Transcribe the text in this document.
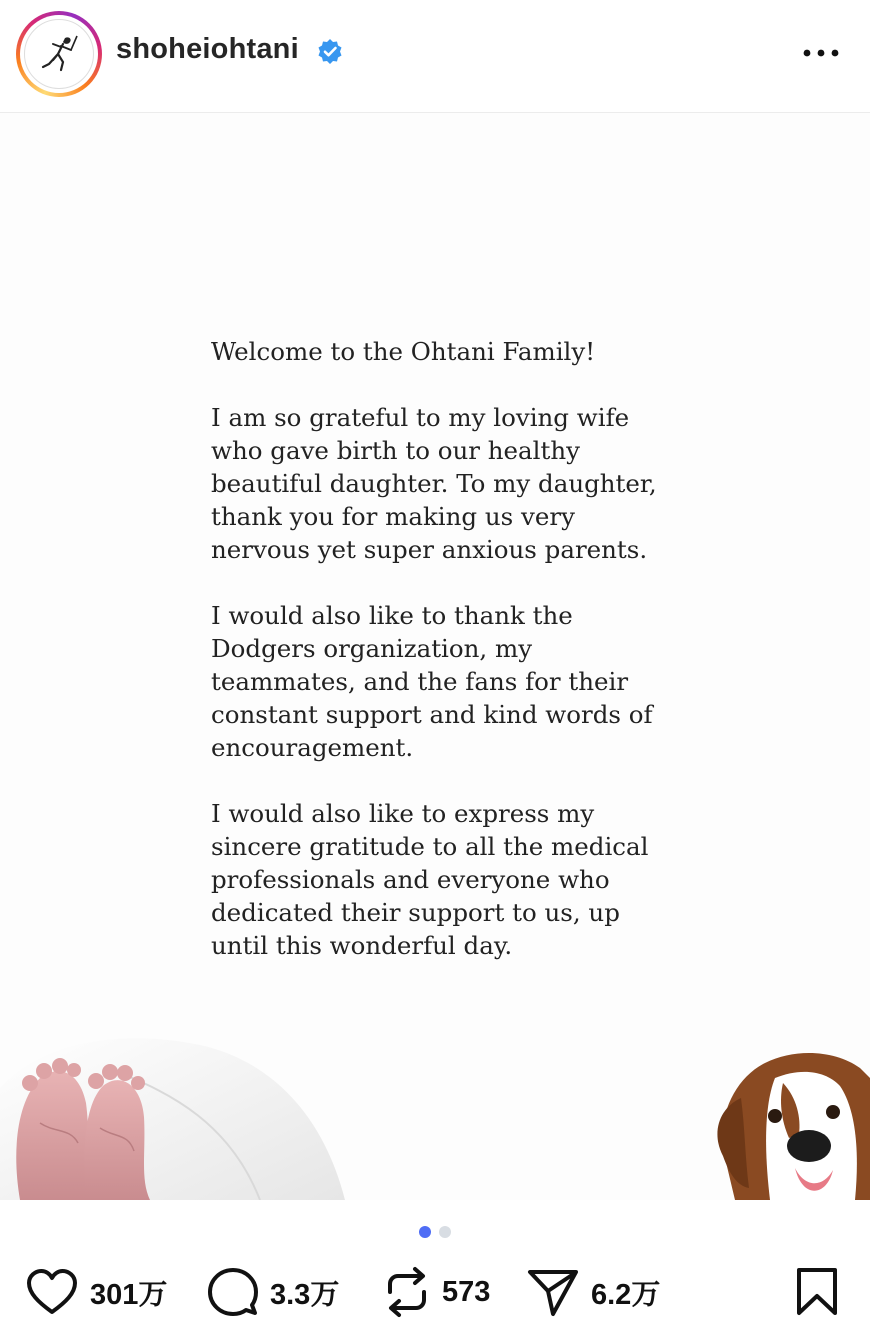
shoheiohtani

Welcome to the Ohtani Family!

I am so grateful to my loving wife who gave birth to our healthy beautiful daughter. To my daughter, thank you for making us very nervous yet super anxious parents.

I would also like to thank the Dodgers organization, my teammates, and the fans for their constant support and kind words of encouragement.

I would also like to express my sincere gratitude to all the medical professionals and everyone who dedicated their support to us, up until this wonderful day.

301万	3.3万	573	6.2万
